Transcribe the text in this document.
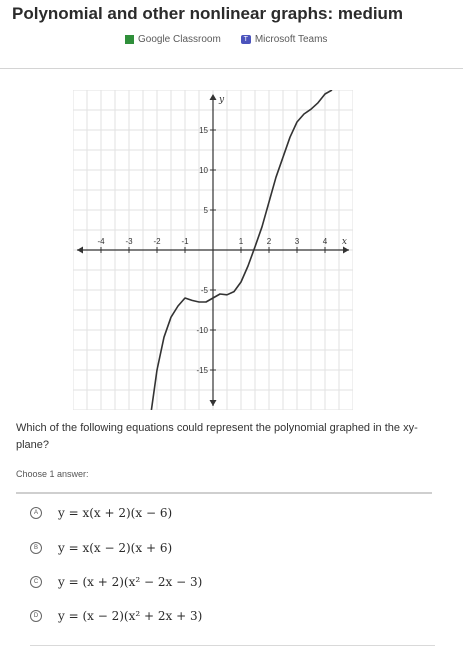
Polynomial and other nonlinear graphs: medium
Google Classroom	T Microsoft Teams
x
y
-4	-3	-2	-1	1	2	3	4
-15
-10
-5
5
10
15
Which of the following equations could represent the polynomial graphed in the xy-plane?
Choose 1 answer:
A	y = x(x + 2)(x − 6)
B	y = x(x − 2)(x + 6)
C	y = (x + 2)(x² − 2x − 3)
D	y = (x − 2)(x² + 2x + 3)
